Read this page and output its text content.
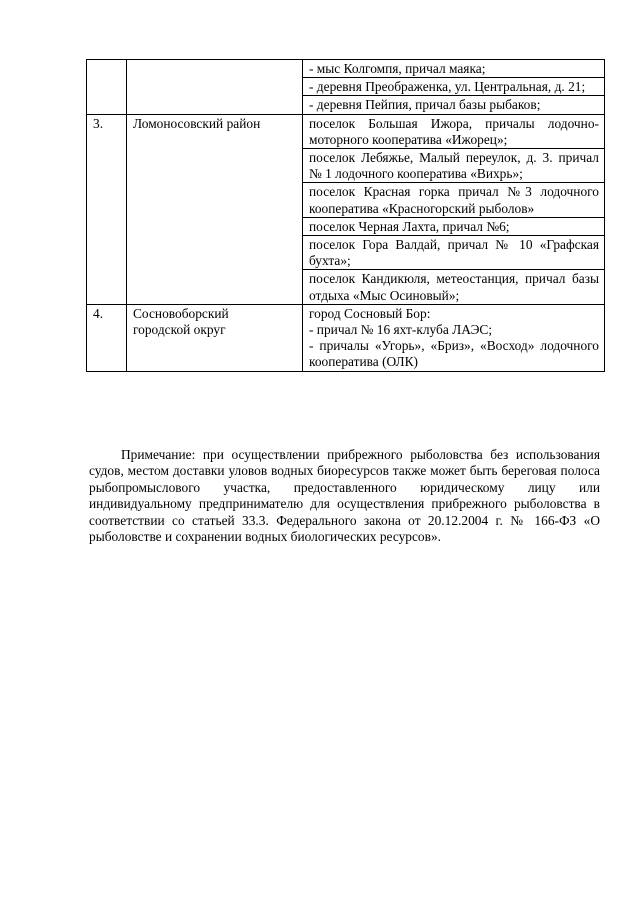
		- мыс Колгомпя, причал маяка;
		- деревня Преображенка, ул. Центральная, д. 21;
		- деревня Пейпия, причал базы рыбаков;
3.	Ломоносовский район	поселок Большая Ижора, причалы лодочно-моторного кооператива «Ижорец»;
		поселок Лебяжье, Малый переулок, д. 3. причал № 1 лодочного кооператива «Вихрь»;
		поселок Красная горка причал №3 лодочного кооператива «Красногорский рыболов»
		поселок Черная Лахта, причал №6;
		поселок Гора Валдай, причал № 10 «Графская бухта»;
		поселок Кандикюля, метеостанция, причал базы отдыха «Мыс Осиновый»;
4.	Сосновоборский городской округ	город Сосновый Бор:
- причал № 16 яхт-клуба ЛАЭС;
- причалы «Угорь», «Бриз», «Восход» лодочного кооператива (ОЛК)

Примечание: при осуществлении прибрежного рыболовства без использования судов, местом доставки уловов водных биоресурсов также может быть береговая полоса рыбопромыслового участка, предоставленного юридическому лицу или индивидуальному предпринимателю для осуществления прибрежного рыболовства в соответствии со статьей 33.3. Федерального закона от 20.12.2004 г. № 166-ФЗ «О рыболовстве и сохранении водных биологических ресурсов».
